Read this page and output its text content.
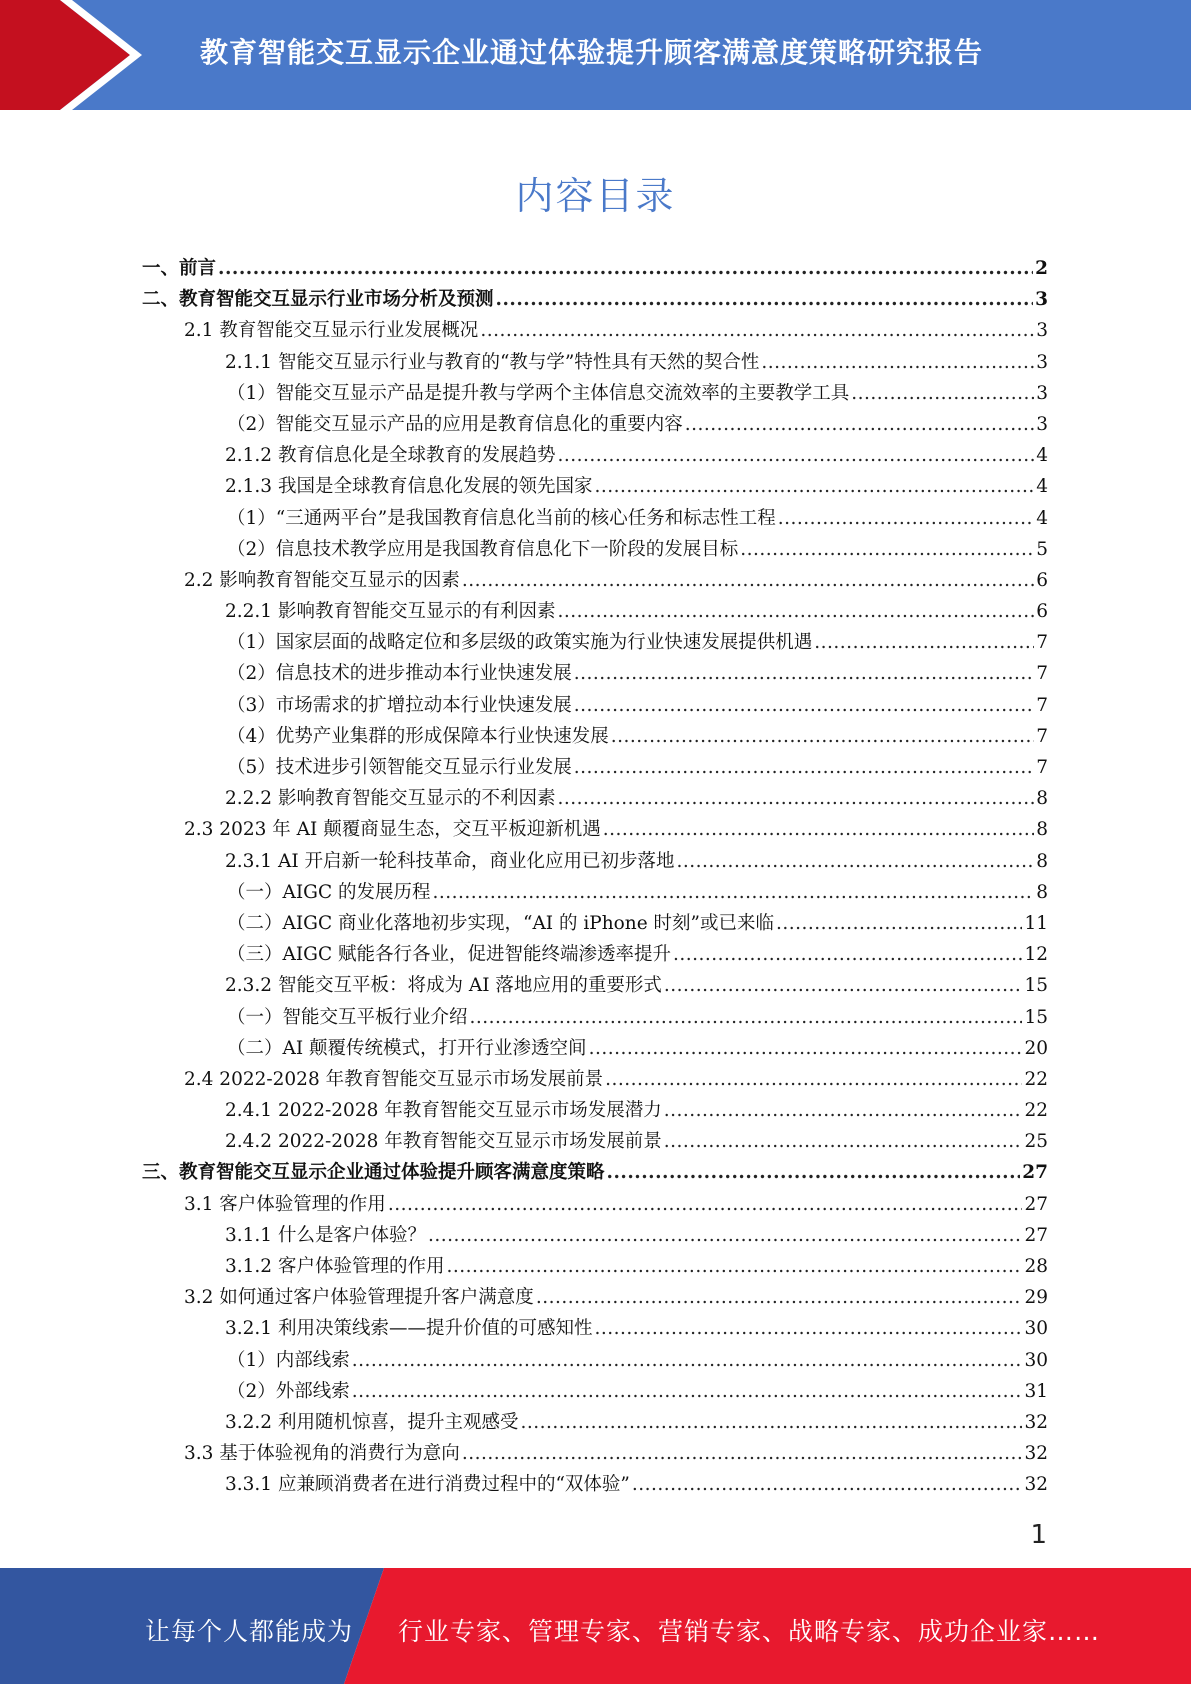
教育智能交互显示企业通过体验提升顾客满意度策略研究报告
内容目录
一、前言 .....	2
二、教育智能交互显示行业市场分析及预测 .....	3
2.1 教育智能交互显示行业发展概况 .....	3
2.1.1 智能交互显示行业与教育的“教与学”特性具有天然的契合性 .....	3
（1）智能交互显示产品是提升教与学两个主体信息交流效率的主要教学工具 .....	3
（2）智能交互显示产品的应用是教育信息化的重要内容 .....	3
2.1.2 教育信息化是全球教育的发展趋势 .....	4
2.1.3 我国是全球教育信息化发展的领先国家 .....	4
（1）“三通两平台”是我国教育信息化当前的核心任务和标志性工程 .....	4
（2）信息技术教学应用是我国教育信息化下一阶段的发展目标 .....	5
2.2 影响教育智能交互显示的因素 .....	6
2.2.1 影响教育智能交互显示的有利因素 .....	6
（1）国家层面的战略定位和多层级的政策实施为行业快速发展提供机遇 .....	7
（2）信息技术的进步推动本行业快速发展 .....	7
（3）市场需求的扩增拉动本行业快速发展 .....	7
（4）优势产业集群的形成保障本行业快速发展 .....	7
（5）技术进步引领智能交互显示行业发展 .....	7
2.2.2 影响教育智能交互显示的不利因素 .....	8
2.3 2023 年 AI 颠覆商显生态，交互平板迎新机遇 .....	8
2.3.1 AI 开启新一轮科技革命，商业化应用已初步落地 .....	8
（一）AIGC 的发展历程 .....	8
（二）AIGC 商业化落地初步实现，“AI 的 iPhone 时刻”或已来临 .....	11
（三）AIGC 赋能各行各业，促进智能终端渗透率提升 .....	12
2.3.2 智能交互平板：将成为 AI 落地应用的重要形式 .....	15
（一）智能交互平板行业介绍 .....	15
（二）AI 颠覆传统模式，打开行业渗透空间 .....	20
2.4 2022-2028 年教育智能交互显示市场发展前景 .....	22
2.4.1 2022-2028 年教育智能交互显示市场发展潜力 .....	22
2.4.2 2022-2028 年教育智能交互显示市场发展前景 .....	25
三、教育智能交互显示企业通过体验提升顾客满意度策略 .....	27
3.1 客户体验管理的作用 .....	27
3.1.1 什么是客户体验？ .....	27
3.1.2 客户体验管理的作用 .....	28
3.2 如何通过客户体验管理提升客户满意度 .....	29
3.2.1 利用决策线索——提升价值的可感知性 .....	30
（1）内部线索 .....	30
（2）外部线索 .....	31
3.2.2 利用随机惊喜，提升主观感受 .....	32
3.3 基于体验视角的消费行为意向 .....	32
3.3.1 应兼顾消费者在进行消费过程中的“双体验” .....	32
1
让每个人都能成为 行业专家、管理专家、营销专家、战略专家、成功企业家……
